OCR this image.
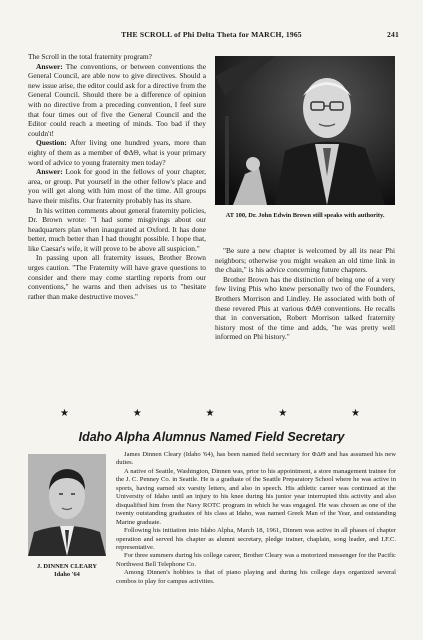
THE SCROLL of Phi Delta Theta for MARCH, 1965	241

The Scroll in the total fraternity program?

Answer: The conventions, or between conventions the General Council, are able now to give directives. Should a new issue arise, the editor could ask for a directive from the General Council. Should there be a difference of opinion with no directive from a preceding convention, I feel sure that four times out of five the General Council and the Editor could reach a meeting of minds. Too bad if they couldn't!

Question: After living one hundred years, more than eighty of them as a member of ΦΔΘ, what is your primary word of advice to young fraternity men today?

Answer: Look for good in the fellows of your chapter, area, or group. Put yourself in the other fellow's place and you will get along with him most of the time. All groups have their misfits. Our fraternity probably has its share.

In his written comments about general fraternity policies, Dr. Brown wrote: "I had some misgivings about our headquarters plan when inaugurated at Oxford. It has done better, much better than I had thought possible. I hope that, like Caesar's wife, it will prove to be above all suspicion."

In passing upon all fraternity issues, Brother Brown urges caution. "The Fraternity will have grave questions to consider and there may come startling reports from our conventions," he warns and then advises us to "hesitate rather than make destructive moves."

AT 100, Dr. John Edwin Brown still speaks with authority.

"Be sure a new chapter is welcomed by all its near Phi neighbors; otherwise you might weaken an old time link in the chain," is his advice concerning future chapters.

Brother Brown has the distinction of being one of a very few living Phis who knew personally two of the Founders, Brothers Morrison and Lindley. He associated with both of these revered Phis at various ΦΔΘ conventions. He recalls that in conversation, Robert Morrison talked fraternity history most of the time and adds, "he was pretty well informed on Phi history."

★	★	★	★	★
Idaho Alpha Alumnus Named Field Secretary
J. DINNEN CLEARY
Idaho '64

James Dinnen Cleary (Idaho '64), has been named field secretary for ΦΔΘ and has assumed his new duties.

A native of Seattle, Washington, Dinnen was, prior to his appointment, a store management trainee for the J. C. Penney Co. in Seattle. He is a graduate of the Seattle Preparatory School where he was active in sports, having earned six varsity letters, and also in speech. His athletic career was continued at the University of Idaho until an injury to his knee during his junior year interrupted this activity and also disqualified him from the Navy ROTC program in which he was engaged. He was chosen as one of the twenty outstanding graduates of his class at Idaho, was named Greek Man of the Year, and outstanding Marine graduate.

Following his initiation into Idaho Alpha, March 18, 1961, Dinnen was active in all phases of chapter operation and served his chapter as alumni secretary, pledge trainer, chaplain, song leader, and I.F.C. representative.

For three summers during his college career, Brother Cleary was a motorized messenger for the Pacific Northwest Bell Telephone Co.

Among Dinnen's hobbies is that of piano playing and during his college days organized several combos to play for campus activities.
